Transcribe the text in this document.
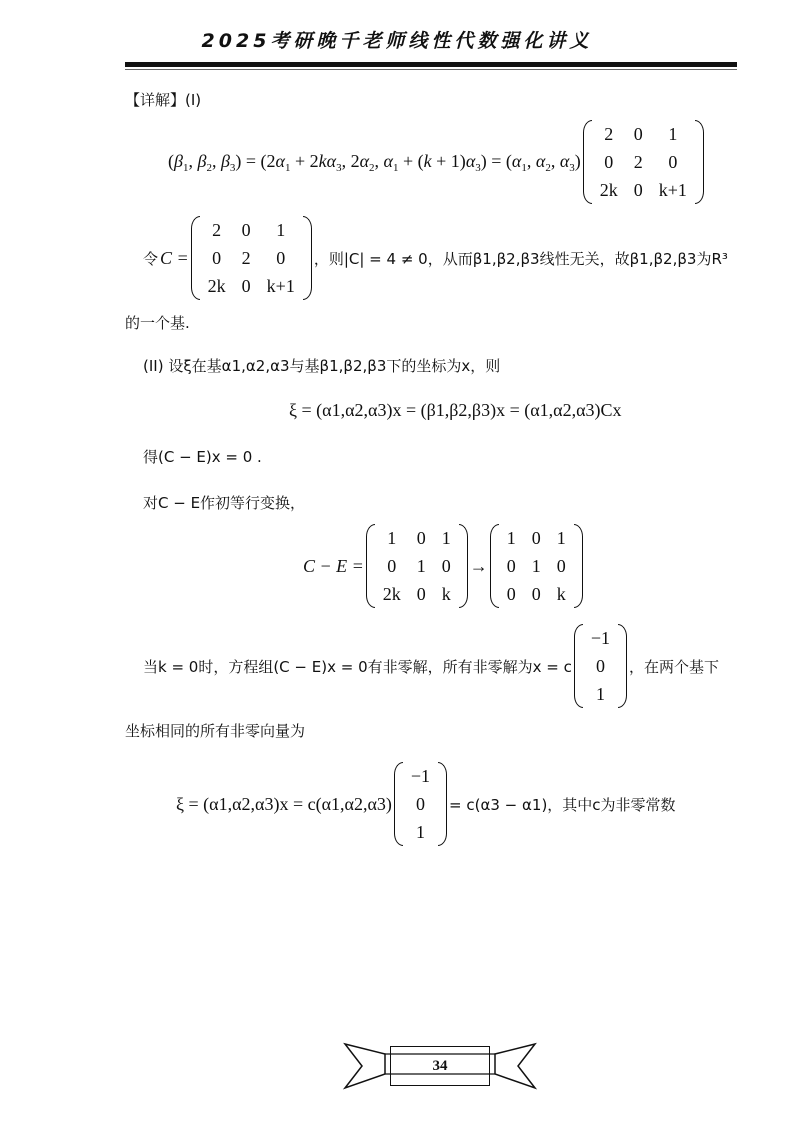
2025考研晚千老师线性代数强化讲义
【详解】(I)
($\beta_1$, $\beta_2$, $\beta_3) = (2\alpha_1 + 2k\alpha_3$, $2\alpha_2$, $\alpha_1 + (k + 1)\alpha_3) = (\alpha_1$, $\alpha_2$, $\alpha_3$)
2	0	1
0	2	0
2k	0	k+1
令 C =
2	0	1
0	2	0
2k	0	k+1
，则|C| = 4 ≠ 0，从而β1,β2,β3线性无关，故β1,β2,β3为R³
的一个基.
(II) 设ξ在基α1,α2,α3与基β1,β2,β3下的坐标为x，则
ξ = (α1,α2,α3)x = (β1,β2,β3)x = (α1,α2,α3)Cx
得(C − E)x = 0 .
对C − E作初等行变换，
C − E =
1	0	1
0	1	0
2k	0	k
→
1	0	1
0	1	0
0	0	k
当k = 0时，方程组(C − E)x = 0有非零解，所有非零解为x = c
−1
0
1
，在两个基下
坐标相同的所有非零向量为
ξ = (α1,α2,α3)x = c(α1,α2,α3)
−1
0
1
= c(α3 − α1)，其中c为非零常数
34
